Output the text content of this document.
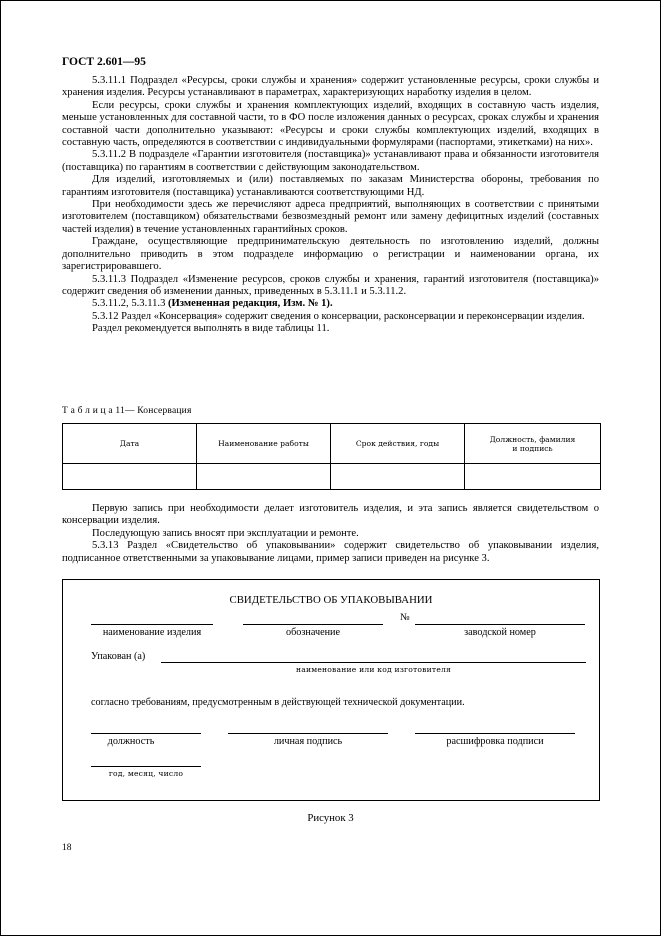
ГОСТ 2.601—95

5.3.11.1 Подраздел «Ресурсы, сроки службы и хранения» содержит установленные ресурсы, сроки службы и хранения изделия. Ресурсы устанавливают в параметрах, характеризующих наработку изделия в целом.

Если ресурсы, сроки службы и хранения комплектующих изделий, входящих в составную часть изделия, меньше установленных для составной части, то в ФО после изложения данных о ресурсах, сроках службы и хранения составной части дополнительно указывают: «Ресурсы и сроки службы комплектующих изделий, входящих в составную часть, определяются в соответствии с индивидуальными формулярами (паспортами, этикетками) на них».

5.3.11.2 В подразделе «Гарантии изготовителя (поставщика)» устанавливают права и обязанности изготовителя (поставщика) по гарантиям в соответствии с действующим законодательством.

Для изделий, изготовляемых и (или) поставляемых по заказам Министерства обороны, требования по гарантиям изготовителя (поставщика) устанавливаются соответствующими НД.

При необходимости здесь же перечисляют адреса предприятий, выполняющих в соответствии с принятыми изготовителем (поставщиком) обязательствами безвозмездный ремонт или замену дефицитных изделий (составных частей изделия) в течение установленных гарантийных сроков.

Граждане, осуществляющие предпринимательскую деятельность по изготовлению изделий, должны дополнительно приводить в этом подразделе информацию о регистрации и наименовании органа, их зарегистрировавшего.

5.3.11.3 Подраздел «Изменение ресурсов, сроков службы и хранения, гарантий изготовителя (поставщика)» содержит сведения об изменении данных, приведенных в 5.3.11.1 и 5.3.11.2.

5.3.11.2, 5.3.11.3 (Измененная редакция, Изм. № 1).

5.3.12 Раздел «Консервация» содержит сведения о консервации, расконсервации и переконсервации изделия.

Раздел рекомендуется выполнять в виде таблицы 11.

Т а б л и ц а 11— Консервация
Дата	Наименование работы	Срок действия, годы	Должность, фамилия и подпись

Первую запись при необходимости делает изготовитель изделия, и эта запись является свидетельством о консервации изделия.

Последующую запись вносят при эксплуатации и ремонте.

5.3.13 Раздел «Свидетельство об упаковывании» содержит свидетельство об упаковывании изделия, подписанное ответственными за упаковывание лицами, пример записи приведен на рисунке 3.

СВИДЕТЕЛЬСТВО ОБ УПАКОВЫВАНИИ
наименование изделия	обозначение
№
заводской номер
Упакован (а)
наименование или код изготовителя
согласно требованиям, предусмотренным в действующей технической документации.
должность	личная подпись	расшифровка подписи
год, месяц, число
Рисунок 3
18
